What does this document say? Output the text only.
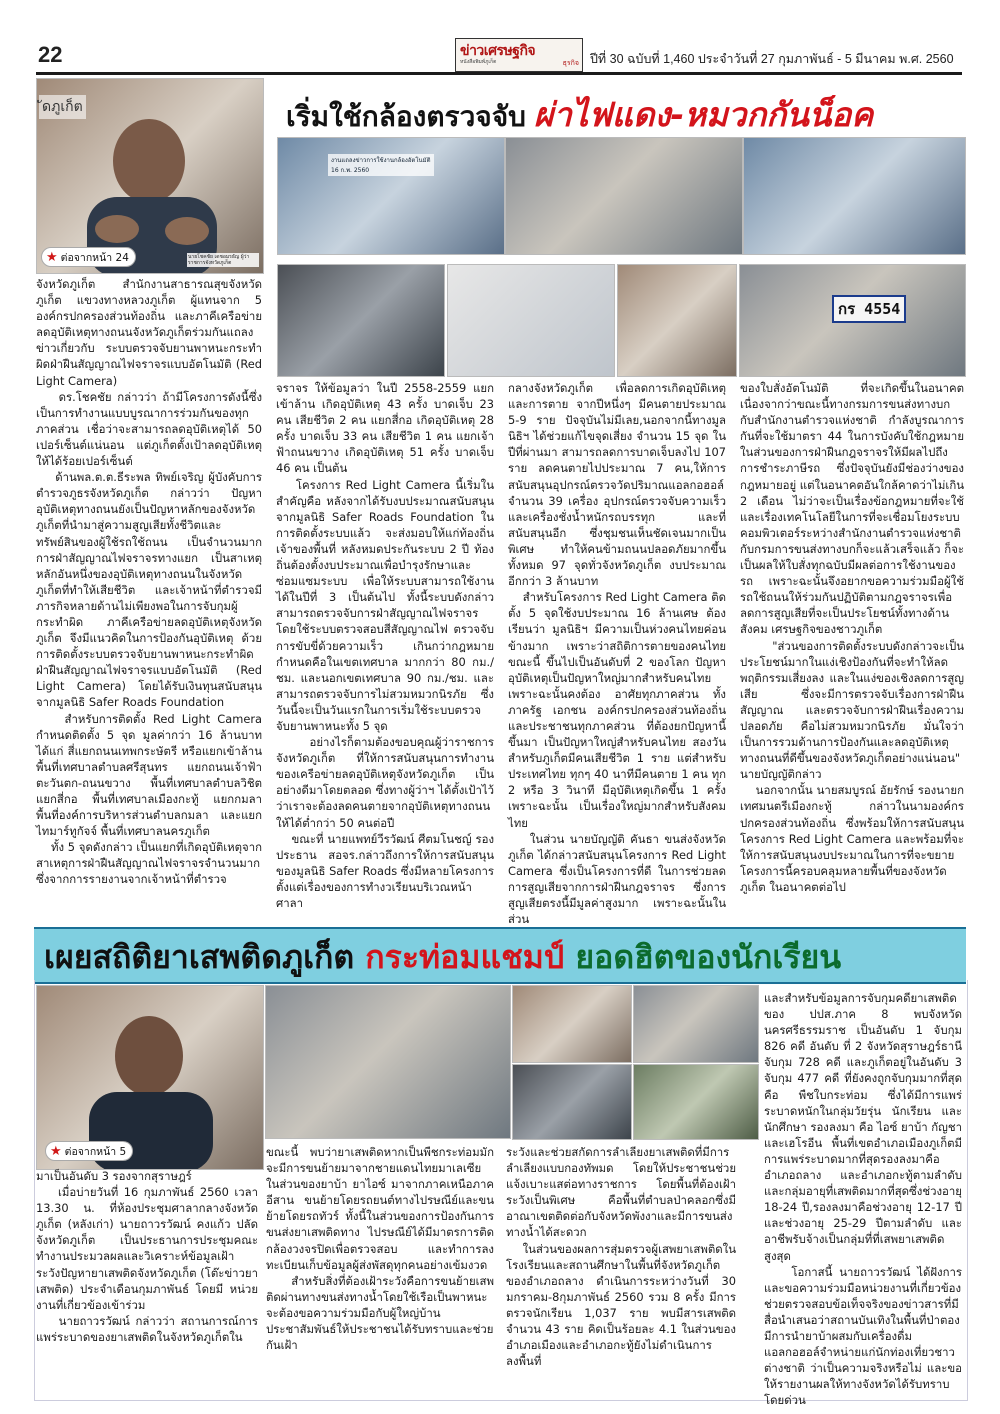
22	ข่าวเศรษฐกิจ
หนังสือพิมพ์ภูเก็ต	ธุรกิจ ปีที่ 30 ฉบับที่ 1,460 ประจำวันที่ 27 กุมภาพันธ์ - 5 มีนาคม พ.ศ. 2560
ัดภูเก็ต
นายโชคชัย เดชอมรธัญ ผู้ว่าราชการจังหวัดภูเก็ต
★ ต่อจากหน้า 24
เริ่มใช้กล้องตรวจจับ ผ่าไฟแดง-หมวกกันน็อค
งานแถลงข่าวการใช้งานกล้องอัตโนมัติ 16 ก.พ. 2560
กร 4554
จังหวัดภูเก็ต สำนักงานสาธารณสุขจังหวัดภูเก็ต แขวงทางหลวงภูเก็ต ผู้แทนจาก 5 องค์กรปกครองส่วนท้องถิ่น และภาคีเครือข่ายลดอุบัติเหตุทางถนนจังหวัดภูเก็ตร่วมกันแถลงข่าวเกี่ยวกับ ระบบตรวจจับยานพาหนะกระทำผิดฝ่าฝืนสัญญาณไฟจราจรแบบอัตโนมัติ (Red Light Camera)
ดร.โชคชัย กล่าวว่า ถ้ามีโครงการดังนี้ซึ่งเป็นการทำงานแบบบูรณาการร่วมกันของทุกภาคส่วน เชื่อว่าจะสามารถลดอุบัติเหตุได้ 50 เปอร์เซ็นต์แน่นอน แต่ภูเก็ตตั้งเป้าลดอุบัติเหตุให้ได้ร้อยเปอร์เซ็นต์
ด้านพล.ต.ต.ธีระพล ทิพย์เจริญ ผู้บังคับการตำรวจภูธรจังหวัดภูเก็ต กล่าวว่า ปัญหาอุบัติเหตุทางถนนยังเป็นปัญหาหลักของจังหวัดภูเก็ตที่นำมาสู่ความสูญเสียทั้งชีวิตและทรัพย์สินของผู้ใช้รถใช้ถนน เป็นจำนวนมาก การฝ่าสัญญาณไฟจราจรทางแยก เป็นสาเหตุหลักอันหนึ่งของอุบัติเหตุทางถนนในจังหวัดภูเก็ตที่ทำให้เสียชีวิต และเจ้าหน้าที่ตำรวจมีภารกิจหลายด้านไม่เพียงพอในการจับกุมผู้กระทำผิด ภาคีเครือข่ายลดอุบัติเหตุจังหวัดภูเก็ต จึงมีแนวคิดในการป้องกันอุบัติเหตุ ด้วยการติดตั้งระบบตรวจจับยานพาหนะกระทำผิดฝ่าฝืนสัญญาณไฟจราจรแบบอัตโนมัติ (Red Light Camera) โดยได้รับเงินทุนสนับสนุนจากมูลนิธิ Safer Roads Foundation
สำหรับการติดตั้ง Red Light Camera กำหนดติดตั้ง 5 จุด มูลค่ากว่า 16 ล้านบาท ได้แก่ สี่แยกถนนเทพกระษัตรี หรือแยกเข้าล้าน พื้นที่เทศบาลตำบลศรีสุนทร แยกถนนเจ้าฟ้าตะวันตก-ถนนขวาง พื้นที่เทศบาลตำบลวิชิต แยกสี่กอ พื้นที่เทศบาลเมืองกะทู้ แยกกมลา พื้นที่องค์การบริหารส่วนตำบลกมลา และแยกไทมาร์ทูกัจจ์ พื้นที่เทศบาลนครภูเก็ต
ทั้ง 5 จุดดังกล่าว เป็นแยกที่เกิดอุบัติเหตุจากสาเหตุการฝ่าฝืนสัญญาณไฟจราจรจำนวนมาก ซึ่งจากการรายงานจากเจ้าหน้าที่ตำรวจ
จราจร ให้ข้อมูลว่า ในปี 2558-2559 แยกเข้าล้าน เกิดอุบัติเหตุ 43 ครั้ง บาดเจ็บ 23 คน เสียชีวิต 2 คน แยกสี่กอ เกิดอุบัติเหตุ 28 ครั้ง บาดเจ็บ 33 คน เสียชีวิต 1 คน แยกเจ้าฟ้าถนนขวาง เกิดอุบัติเหตุ 51 ครั้ง บาดเจ็บ 46 คน เป็นต้น
โครงการ Red Light Camera นี้เริ่มในสำคัญคือ หลังจากได้รับงบประมาณสนับสนุนจากมูลนิธิ Safer Roads Foundation ในการติดตั้งระบบแล้ว จะส่งมอบให้แก่ท้องถิ่นเจ้าของพื้นที่ หลังหมดประกันระบบ 2 ปี ท้องถิ่นต้องตั้งงบประมาณเพื่อบำรุงรักษาและซ่อมแซมระบบ เพื่อให้ระบบสามารถใช้งานได้ในปีที่ 3 เป็นต้นไป ทั้งนี้ระบบดังกล่าวสามารถตรวจจับการฝ่าสัญญาณไฟจราจร โดยใช้ระบบตรวจสอบสีสัญญาณไฟ ตรวจจับการขับขี่ด้วยความเร็ว เกินกว่ากฎหมายกำหนดคือในเขตเทศบาล มากกว่า 80 กม./ชม. และนอกเขตเทศบาล 90 กม./ชม. และสามารถตรวจจับการไม่สวมหมวกนิรภัย ซึ่งวันนี้จะเป็นวันแรกในการเริ่มใช้ระบบตรวจจับยานพาหนะทั้ง 5 จุด
อย่างไรก็ตามต้องขอบคุณผู้ว่าราชการจังหวัดภูเก็ต ที่ให้การสนับสนุนการทำงานของเครือข่ายลดอุบัติเหตุจังหวัดภูเก็ต เป็นอย่างดีมาโดยตลอด ซึ่งทางผู้ว่าฯ ได้ตั้งเป้าไว้ว่าเราจะต้องลดคนตายจากอุบัติเหตุทางถนนให้ได้ต่ำกว่า 50 คนต่อปี
ขณะที่ นายแพทย์วีรวัฒน์ ศีตมโนชญ์ รองประธาน สอจร.กล่าวถึงการให้การสนับสนุนของมูลนิธิ Safer Roads ซึ่งมีหลายโครงการตั้งแต่เรื่องของการทำงวเรียนบริเวณหน้าศาลา
กลางจังหวัดภูเก็ต เพื่อลดการเกิดอุบัติเหตุและการตาย จากปีหนึ่งๆ มีคนตายประมาณ 5-9 ราย ปัจจุบันไม่มีเลย,นอกจากนี้ทางมูลนิธิฯ ได้ช่วยแก้ไขจุดเสี่ยง จำนวน 15 จุด ในปีที่ผ่านมา สามารถลดการบาดเจ็บลงไป 107 ราย ลดคนตายไปประมาณ 7 คน,ให้การสนับสนุนอุปกรณ์ตรวจวัดปริมาณแอลกอฮอล์ จำนวน 39 เครื่อง อุปกรณ์ตรวจจับความเร็ว และเครื่องชั่งน้ำหนักรถบรรทุก และที่สนับสนุนอีก ซึ่งชุมชนเห็นชัดเจนมากเป็นพิเศษ ทำให้คนข้ามถนนปลอดภัยมากขึ้น ทั้งหมด 97 จุดทั่วจังหวัดภูเก็ต งบประมาณอีกกว่า 3 ล้านบาท
สำหรับโครงการ Red Light Camera ติดตั้ง 5 จุดใช้งบประมาณ 16 ล้านเศษ ต้องเรียนว่า มูลนิธิฯ มีความเป็นห่วงคนไทยค่อนข้างมาก เพราะว่าสถิติการตายของคนไทยขณะนี้ ขึ้นไปเป็นอันดับที่ 2 ของโลก ปัญหาอุบัติเหตุเป็นปัญหาใหญ่มากสำหรับคนไทย เพราะฉะนั้นคงต้อง อาศัยทุกภาคส่วน ทั้งภาครัฐ เอกชน องค์กรปกครองส่วนท้องถิ่นและประชาชนทุกภาคส่วน ที่ต้องยกปัญหานี้ขึ้นมา เป็นปัญหาใหญ่สำหรับคนไทย สองวันสำหรับภูเก็ตมีคนเสียชีวิต 1 ราย แต่สำหรับประเทศไทย ทุกๆ 40 นาทีมีคนตาย 1 คน ทุก 2 หรือ 3 วินาที มีอุบัติเหตุเกิดขึ้น 1 ครั้ง เพราะฉะนั้น เป็นเรื่องใหญ่มากสำหรับสังคมไทย
ในส่วน นายบัญญัติ คันธา ขนส่งจังหวัดภูเก็ต ได้กล่าวสนับสนุนโครงการ Red Light Camera ซึ่งเป็นโครงการที่ดี ในการช่วยลดการสูญเสียจากการฝ่าฝืนกฎจราจร ซึ่งการสูญเสียตรงนี้มีมูลค่าสูงมาก เพราะฉะนั้นในส่วน
ของใบสั่งอัตโนมัติ ที่จะเกิดขึ้นในอนาคต เนื่องจากว่าขณะนี้ทางกรมการขนส่งทางบกกับสำนักงานตำรวจแห่งชาติ กำลังบูรณาการกันที่จะใช้มาตรา 44 ในการบังคับใช้กฎหมายในส่วนของการฝ่าฝืนกฎจราจรให้มีผลไปถึงการชำระภาษีรถ ซึ่งปัจจุบันยังมีช่องว่างของกฎหมายอยู่ แต่ในอนาคตอันใกล้คาดว่าไม่เกิน 2 เดือน ไม่ว่าจะเป็นเรื่องข้อกฎหมายที่จะใช้ และเรื่องเทคโนโลยีในการที่จะเชื่อมโยงระบบคอมพิวเตอร์ระหว่างสำนักงานตำรวจแห่งชาติกับกรมการขนส่งทางบกก็จะแล้วเสร็จแล้ว ก็จะเป็นผลให้ใบสั่งทุกฉบับมีผลต่อการใช้งานของรถ เพราะฉะนั้นจึงอยากขอความร่วมมือผู้ใช้รถใช้ถนนให้ร่วมกันปฏิบัติตามกฎจราจรเพื่อลดการสูญเสียที่จะเป็นประโยชน์ทั้งทางด้านสังคม เศรษฐกิจของชาวภูเก็ต
"ส่วนของการติดตั้งระบบดังกล่าวจะเป็นประโยชน์มากในแง่เชิงป้องกันที่จะทำให้ลดพฤติกรรมเสี่ยงลง และในแง่ของเชิงลดการสูญเสีย ซึ่งจะมีการตรวจจับเรื่องการฝ่าฝืนสัญญาณ และตรวจจับการฝ่าฝืนเรื่องความปลอดภัย คือไม่สวมหมวกนิรภัย มั่นใจว่าเป็นการรวมด้านการป้องกันและลดอุบัติเหตุทางถนนที่ดีขึ้นของจังหวัดภูเก็ตอย่างแน่นอน" นายบัญญัติกล่าว
นอกจากนั้น นายสมบูรณ์ อัยรักษ์ รองนายกเทศมนตรีเมืองกะทู้ กล่าวในนามองค์กรปกครองส่วนท้องถิ่น ซึ่งพร้อมให้การสนับสนุนโครงการ Red Light Camera และพร้อมที่จะให้การสนับสนุนงบประมาณในการที่จะขยายโครงการนี้ครอบคลุมหลายพื้นที่ของจังหวัดภูเก็ต ในอนาคตต่อไป
เผยสถิติยาเสพติดภูเก็ต กระท่อมแชมป์ ยอดฮิตของนักเรียน
★ ต่อจากหน้า 5
มาเป็นอันดับ 3 รองจากสุราษฎร์
เมื่อบ่ายวันที่ 16 กุมภาพันธ์ 2560 เวลา 13.30 น. ที่ห้องประชุมศาลากลางจังหวัดภูเก็ต (หลังเก่า) นายถาวรวัฒน์ คงแก้ว ปลัดจังหวัดภูเก็ต เป็นประธานการประชุมคณะทำงานประมวลผลและวิเคราะห์ข้อมูลเฝ้าระวังปัญหายาเสพติดจังหวัดภูเก็ต (โต๊ะข่าวยาเสพติด) ประจำเดือนกุมภาพันธ์ โดยมี หน่วยงานที่เกี่ยวข้องเข้าร่วม
นายถาวรวัฒน์ กล่าวว่า สถานการณ์การแพร่ระบาดของยาเสพติดในจังหวัดภูเก็ตใน
ขณะนี้ พบว่ายาเสพติดหากเป็นพืชกระท่อมมักจะมีการขนย้ายมาจากชายแดนไทยมาเลเซียในส่วนของยาบ้า ยาไอซ์ มาจากภาคเหนือภาคอีสาน ขนย้ายโดยรถยนต์ทางไปรษณีย์และขนย้ายโดยรถทัวร์ ทั้งนี้ในส่วนของการป้องกันการขนส่งยาเสพติดทาง ไปรษณีย์ได้มีมาตรการติดกล้องวงจรปิดเพื่อตรวจสอบ และทำการลงทะเบียนเก็บข้อมูลผู้ส่งพัสดุทุกคนอย่างเข้มงวด
สำหรับสิ่งที่ต้องเฝ้าระวังคือการขนย้ายเสพติดผ่านทางขนส่งทางน้ำโดยใช้เรือเป็นพาหนะจะต้องขอความร่วมมือกับผู้ใหญ่บ้านประชาสัมพันธ์ให้ประชาชนได้รับทราบและช่วยกันเฝ้า
ระวังและช่วยสกัดการลำเลียงยาเสพติดที่มีการลำเลียงแบบกองทัพมด โดยให้ประชาชนช่วยแจ้งเบาะแสต่อทางราชการ โดยพื้นที่ต้องเฝ้าระวังเป็นพิเศษ คือพื้นที่ตำบลป่าคลอกซึ่งมีอาณาเขตติดต่อกับจังหวัดพังงาและมีการขนส่งทางน้ำได้สะดวก
ในส่วนของผลการสุ่มตรวจผู้เสพยาเสพติดในโรงเรียนและสถานศึกษาในพื้นที่จังหวัดภูเก็ต ของอำเภอถลาง ดำเนินการระหว่างวันที่ 30 มกราคม-8กุมภาพันธ์ 2560 รวม 8 ครั้ง มีการตรวจนักเรียน 1,037 ราย พบมีสารเสพติด จำนวน 43 ราย คิดเป็นร้อยละ 4.1 ในส่วนของอำเภอเมืองและอำเภอกะทู้ยังไม่ดำเนินการลงพื้นที่
และสำหรับข้อมูลการจับกุมคดียาเสพติดของ ปปส.ภาค 8 พบจังหวัดนครศรีธรรมราช เป็นอันดับ 1 จับกุม 826 คดี อันดับ ที่ 2 จังหวัดสุราษฎร์ธานี จับกุม 728 คดี และภูเก็ตอยู่ในอันดับ 3 จับกุม 477 คดี ที่ยังคงถูกจับกุมมากที่สุด คือ พืชใบกระท่อม ซึ่งได้มีการแพร่ระบาดหนักในกลุ่มวัยรุ่น นักเรียน และนักศึกษา รองลงมา คือ ไอซ์ ยาบ้า กัญชา และเฮโรอีน พื้นที่เขตอำเภอเมืองภูเก็ตมีการแพร่ระบาดมากที่สุดรองลงมาคืออำเภอถลาง และอำเภอกะทู้ตามลำดับ และกลุ่มอายุที่เสพติดมากที่สุดซึ่งช่วงอายุ 18-24 ปี,รองลงมาคือช่วงอายุ 12-17 ปี และช่วงอายุ 25-29 ปีตามลำดับ และอาชีพรับจ้างเป็นกลุ่มที่ที่เสพยาเสพติดสูงสุด
โอกาสนี้ นายถาวรวัฒน์ ได้ฝังการและขอความร่วมมือหน่วยงานที่เกี่ยวข้องช่วยตรวจสอบข้อเท็จจริงของข่าวสารที่มีสื่อนำเสนอว่าสถานบันเทิงในพื้นที่ป่าตองมีการนำยาบ้าผสมกับเครื่องดื่มแอลกอฮอล์จำหน่ายแก่นักท่องเที่ยวชาวต่างชาติ ว่าเป็นความจริงหรือไม่ และขอให้รายงานผลให้ทางจังหวัดได้รับทราบโดยด่วน
